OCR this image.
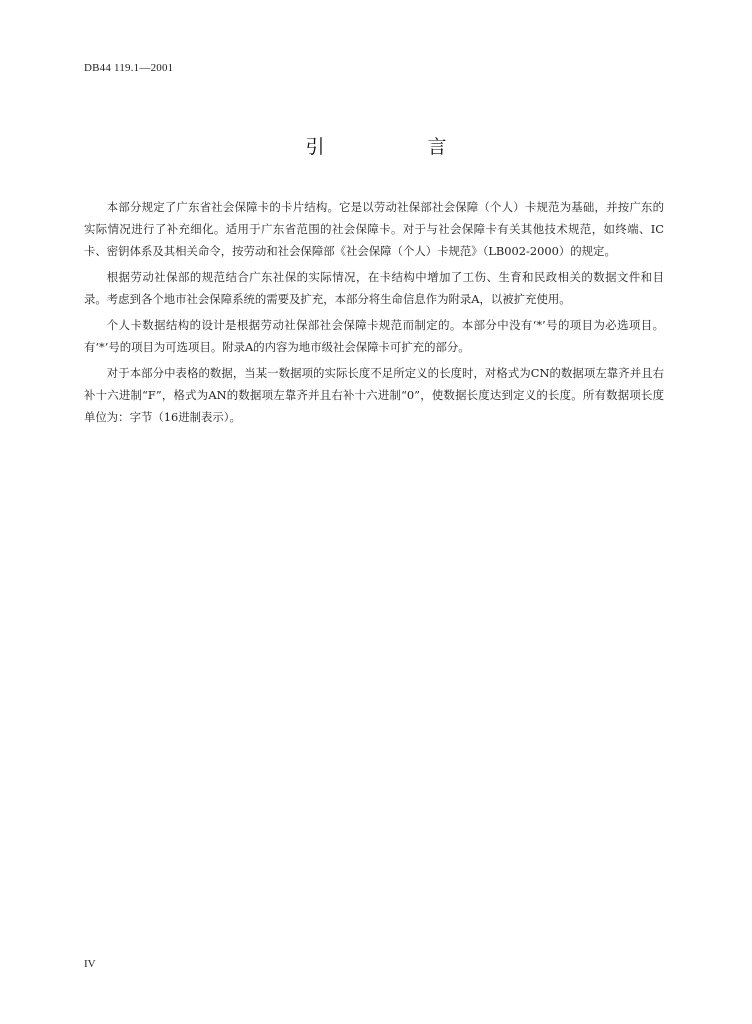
DB44 119.1—2001
引　言

本部分规定了广东省社会保障卡的卡片结构。它是以劳动社保部社会保障（个人）卡规范为基础，并按广东的实际情况进行了补充细化。适用于广东省范围的社会保障卡。对于与社会保障卡有关其他技术规范，如终端、IC卡、密钥体系及其相关命令，按劳动和社会保障部《社会保障（个人）卡规范》（LB002-2000）的规定。

根据劳动社保部的规范结合广东社保的实际情况，在卡结构中增加了工伤、生育和民政相关的数据文件和目录。考虑到各个地市社会保障系统的需要及扩充，本部分将生命信息作为附录A，以被扩充使用。

个人卡数据结构的设计是根据劳动社保部社会保障卡规范而制定的。本部分中没有‘*’号的项目为必选项目。有‘*’号的项目为可选项目。附录A的内容为地市级社会保障卡可扩充的部分。

对于本部分中表格的数据，当某一数据项的实际长度不足所定义的长度时，对格式为CN的数据项左靠齐并且右补十六进制“F”，格式为AN的数据项左靠齐并且右补十六进制“0”，使数据长度达到定义的长度。所有数据项长度单位为：字节（16进制表示）。

IV
